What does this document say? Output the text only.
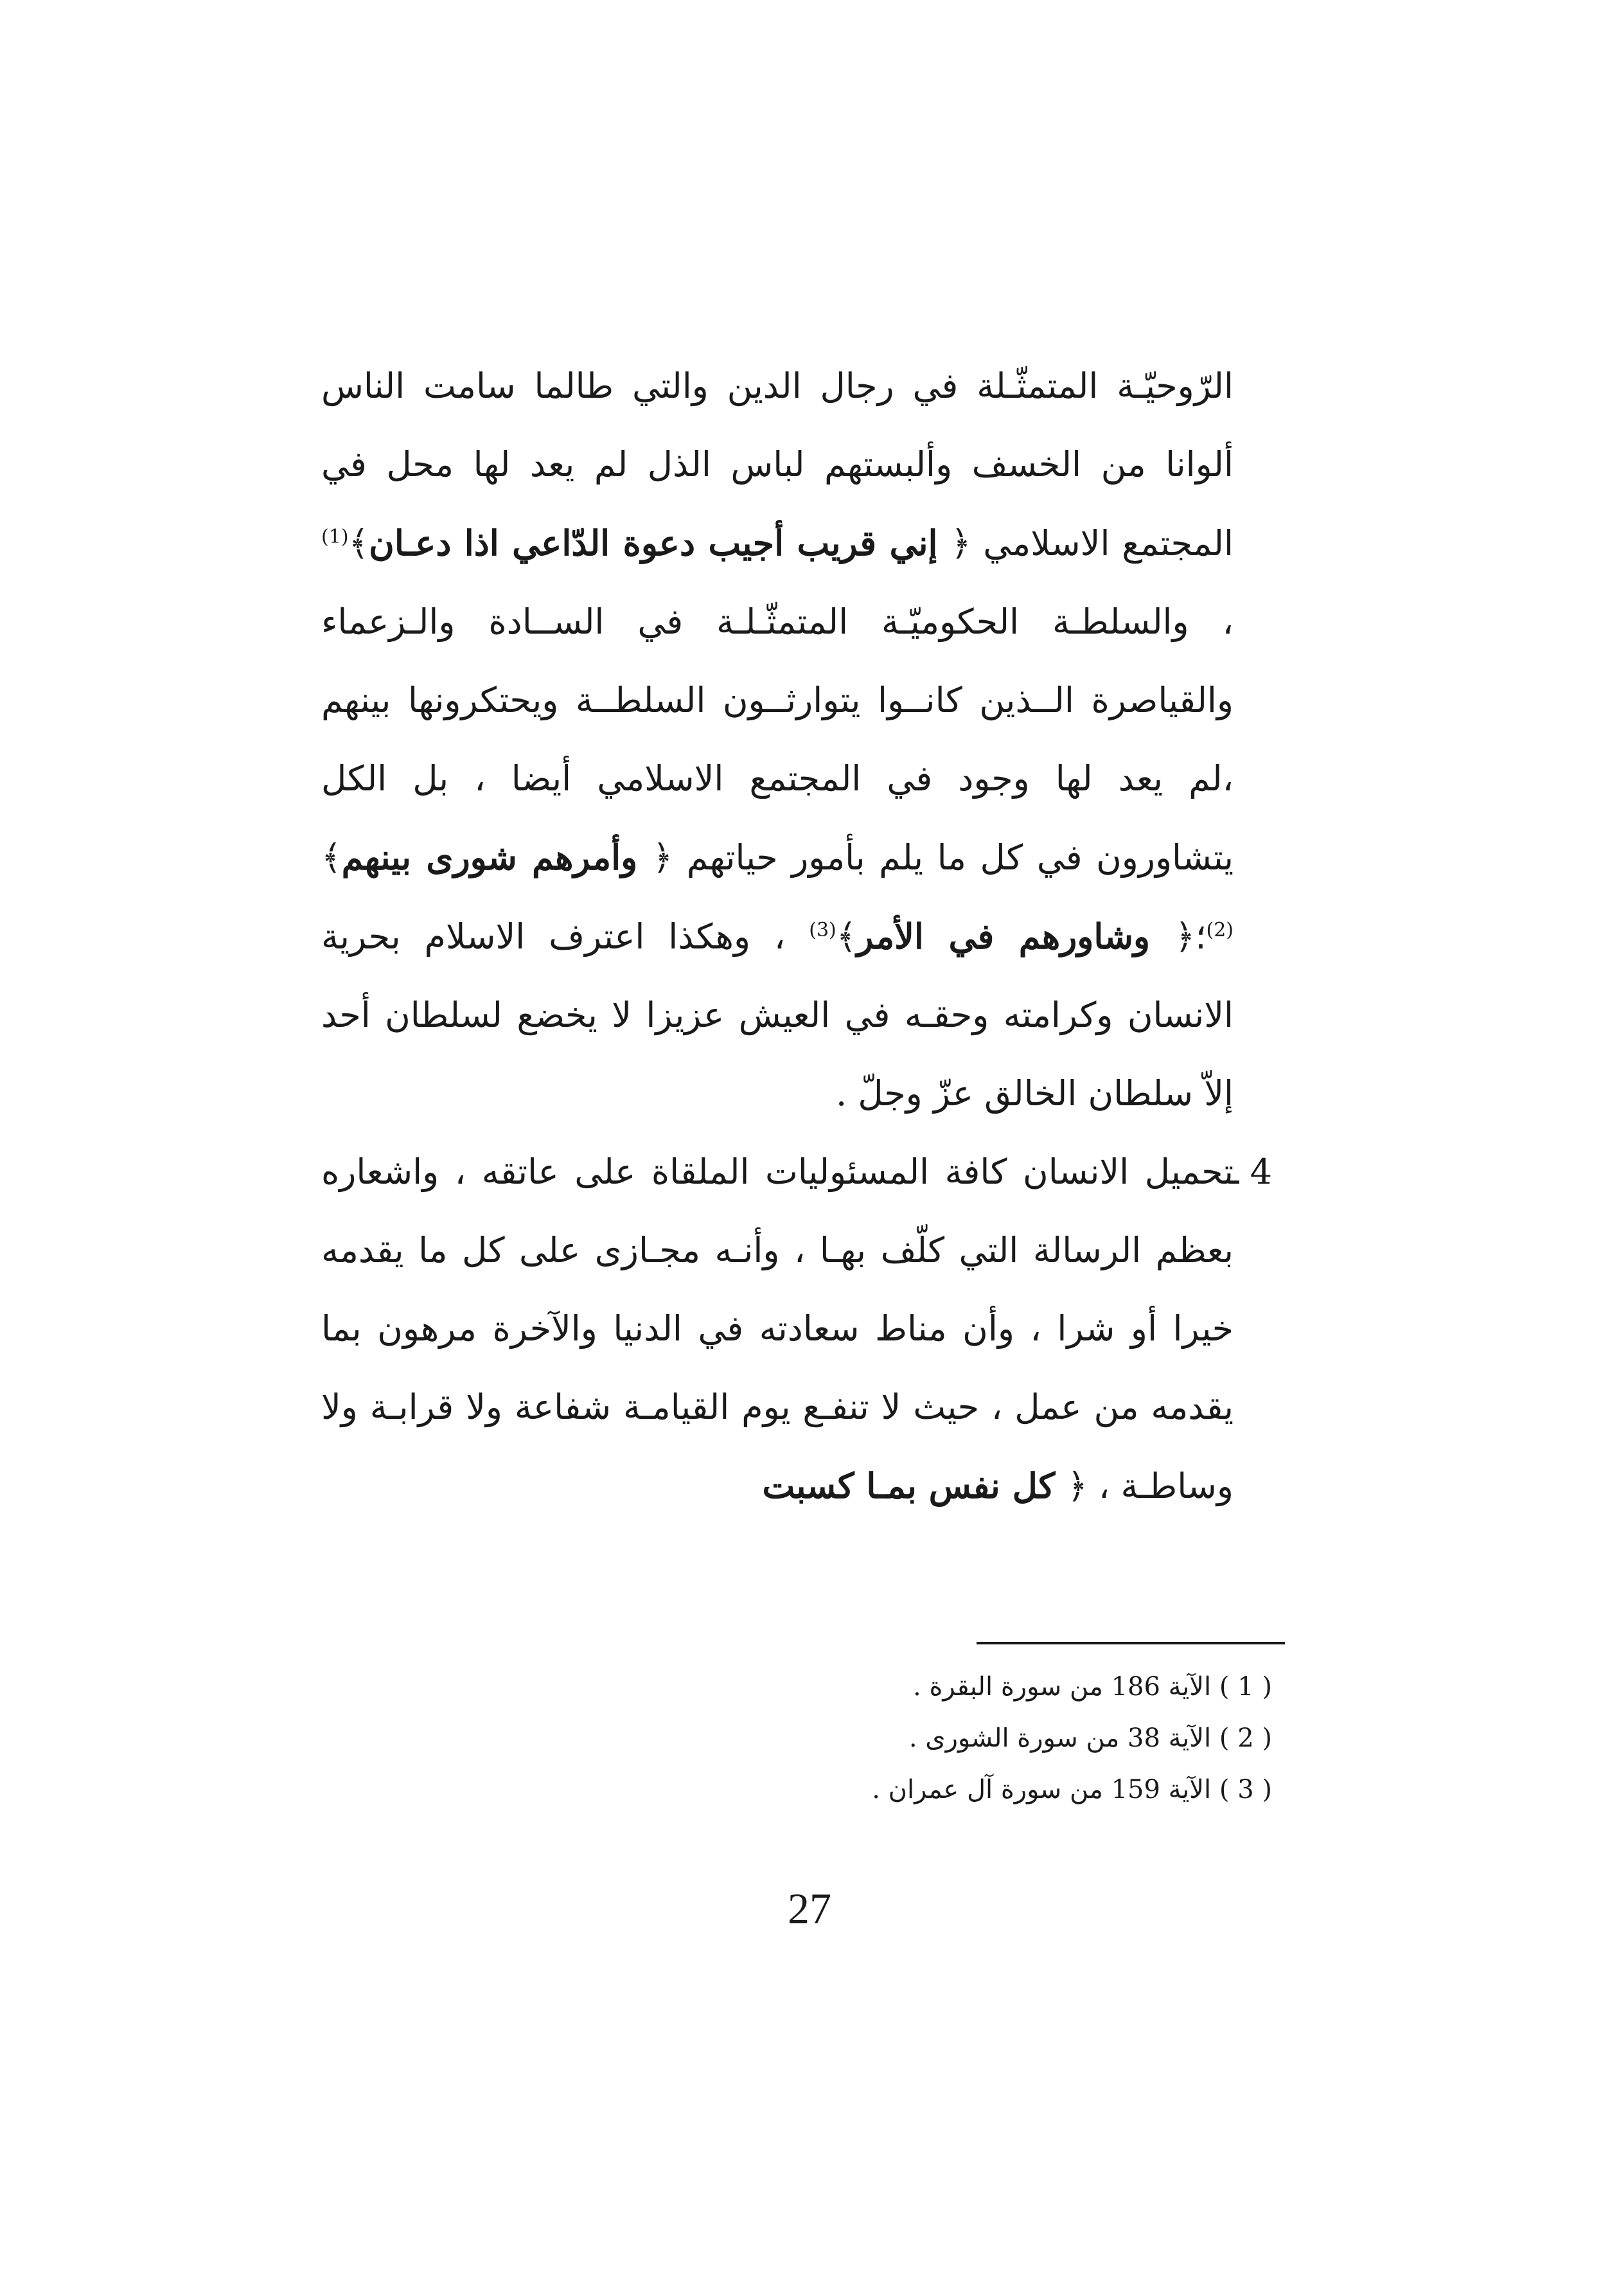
الرّوحيّـة المتمثّـلة في رجال الدين والتي طالما سامت الناس ألوانا من الخسف وألبستهم لباس الذل لم يعد لها محل في المجتمع الاسلامي ﴿ إني قريب أجيب دعوة الدّاعي اذا دعـان﴾$^{(1)}$ ، والسلطـة الحكوميّـة المتمثّـلـة في الســادة والـزعماء والقياصرة الــذين كانــوا يتوارثــون السلطــة ويحتكرونها بينهم ،لم يعد لها وجود في المجتمع الاسلامي أيضا ، بل الكل يتشاورون في كل ما يلم بأمور حياتهم ﴿ وأمرهم شورى بينهم﴾$^{(2)}$؛﴿ وشاورهم في الأمر﴾$^{(3)}$ ، وهكذا اعترف الاسلام بحرية الانسان وكرامته وحقـه في العيش عزيزا لا يخضع لسلطان أحد إلاّ سلطان الخالق عزّ وجلّ .

4 ـ
تحميل الانسان كافة المسئوليات الملقاة على عاتقه ، واشعاره بعظم الرسالة التي كلّف بهـا ، وأنـه مجـازى على كل ما يقدمه خيرا أو شرا ، وأن مناط سعادته في الدنيا والآخرة مرهون بما يقدمه من عمل ، حيث لا تنفـع يوم القيامـة شفاعة ولا قرابـة ولا وساطـة ، ﴿ كل نفس بمـا كسبت

( 1 ) الآية 186 من سورة البقرة .

( 2 ) الآية 38 من سورة الشورى .

( 3 ) الآية 159 من سورة آل عمران .

27
